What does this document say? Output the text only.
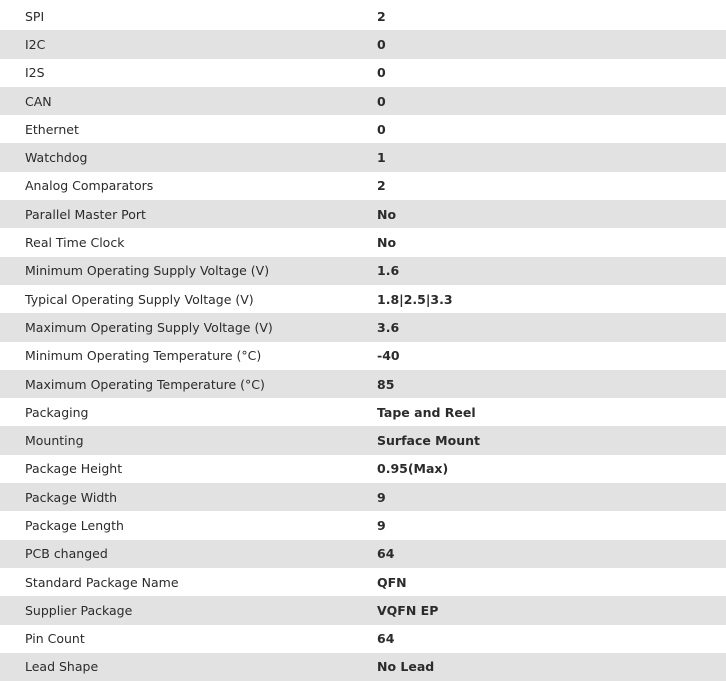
SPI	2
I2C	0
I2S	0
CAN	0
Ethernet	0
Watchdog	1
Analog Comparators	2
Parallel Master Port	No
Real Time Clock	No
Minimum Operating Supply Voltage (V)	1.6
Typical Operating Supply Voltage (V)	1.8|2.5|3.3
Maximum Operating Supply Voltage (V)	3.6
Minimum Operating Temperature (°C)	-40
Maximum Operating Temperature (°C)	85
Packaging	Tape and Reel
Mounting	Surface Mount
Package Height	0.95(Max)
Package Width	9
Package Length	9
PCB changed	64
Standard Package Name	QFN
Supplier Package	VQFN EP
Pin Count	64
Lead Shape	No Lead
